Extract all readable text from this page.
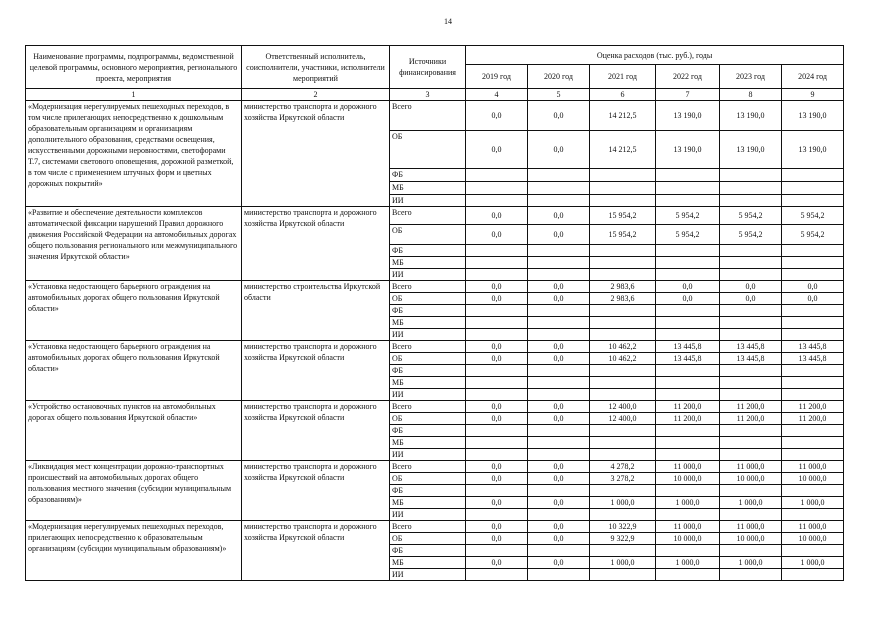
14
Наименование программы, подпрограммы, ведомственной целевой программы, основного мероприятия, регионального проекта, мероприятия	Ответственный исполнитель, соисполнители, участники, исполнители мероприятий	Источники финансирования	Оценка расходов (тыс. руб.), годы					
			2019 год	2020 год	2021 год	2022 год	2023 год	2024 год
1	2	3	4	5	6	7	8	9
«Модернизация нерегулируемых пешеходных переходов, в том числе прилегающих непосредственно к дошкольным образовательным организациям и организациям дополнительного образования, средствами освещения, искусственными дорожными неровностями, светофорами Т.7, системами светового оповещения, дорожной разметкой, в том числе с применением штучных форм и цветных дорожных покрытий»	министерство транспорта и дорожного хозяйства Иркутской области	Всего	0,0	0,0	14 212,5	13 190,0	13 190,0	13 190,0
		ОБ	0,0	0,0	14 212,5	13 190,0	13 190,0	13 190,0
		ФБ						
		МБ						
		ИИ						
«Развитие и обеспечение деятельности комплексов автоматической фиксации нарушений Правил дорожного движения Российской Федерации на автомобильных дорогах общего пользования регионального или межмуниципального значения Иркутской области»	министерство транспорта и дорожного хозяйства Иркутской области	Всего	0,0	0,0	15 954,2	5 954,2	5 954,2	5 954,2
		ОБ	0,0	0,0	15 954,2	5 954,2	5 954,2	5 954,2
		ФБ						
		МБ						
		ИИ						
«Установка недостающего барьерного ограждения на автомобильных дорогах общего пользования Иркутской области»	министерство строительства Иркутской области	Всего	0,0	0,0	2 983,6	0,0	0,0	0,0
		ОБ	0,0	0,0	2 983,6	0,0	0,0	0,0
		ФБ						
		МБ						
		ИИ						
«Установка недостающего барьерного ограждения на автомобильных дорогах общего пользования Иркутской области»	министерство транспорта и дорожного хозяйства Иркутской области	Всего	0,0	0,0	10 462,2	13 445,8	13 445,8	13 445,8
		ОБ	0,0	0,0	10 462,2	13 445,8	13 445,8	13 445,8
		ФБ						
		МБ						
		ИИ						
«Устройство остановочных пунктов на автомобильных дорогах общего пользования Иркутской области»	министерство транспорта и дорожного хозяйства Иркутской области	Всего	0,0	0,0	12 400,0	11 200,0	11 200,0	11 200,0
		ОБ	0,0	0,0	12 400,0	11 200,0	11 200,0	11 200,0
		ФБ						
		МБ						
		ИИ						
«Ликвидация мест концентрации дорожно-транспортных происшествий на автомобильных дорогах общего пользования местного значения (субсидии муниципальным образованиям)»	министерство транспорта и дорожного хозяйства Иркутской области	Всего	0,0	0,0	4 278,2	11 000,0	11 000,0	11 000,0
		ОБ	0,0	0,0	3 278,2	10 000,0	10 000,0	10 000,0
		ФБ						
		МБ	0,0	0,0	1 000,0	1 000,0	1 000,0	1 000,0
		ИИ						
«Модернизация нерегулируемых пешеходных переходов, прилегающих непосредственно к образовательным организациям (субсидии муниципальным образованиям)»	министерство транспорта и дорожного хозяйства Иркутской области	Всего	0,0	0,0	10 322,9	11 000,0	11 000,0	11 000,0
		ОБ	0,0	0,0	9 322,9	10 000,0	10 000,0	10 000,0
		ФБ						
		МБ	0,0	0,0	1 000,0	1 000,0	1 000,0	1 000,0
		ИИ						
